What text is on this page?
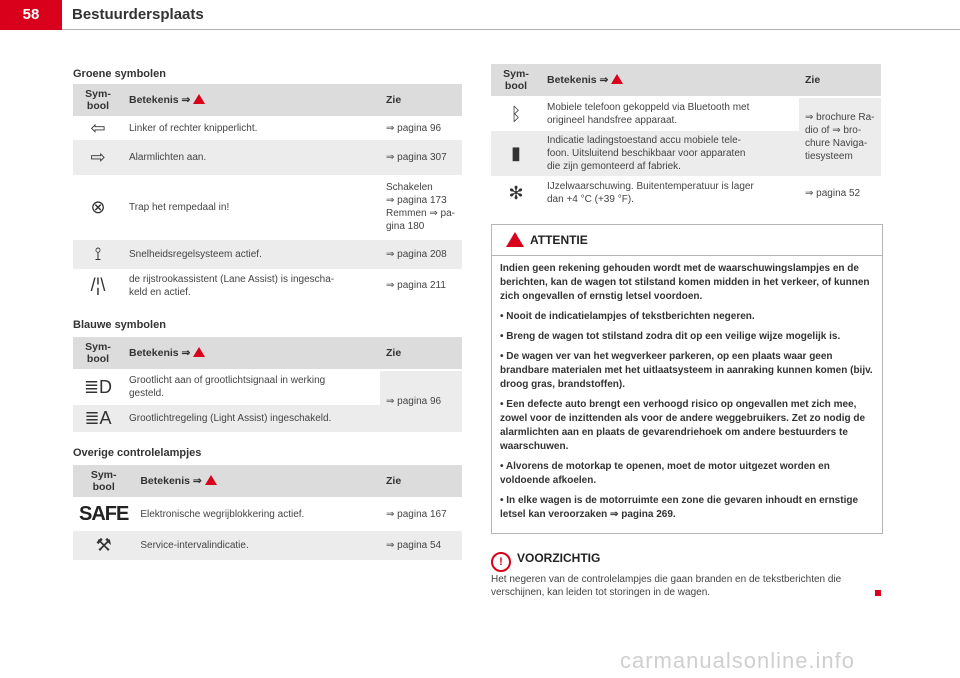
58	Bestuurdersplaats
Groene symbolen
Sym-
bool	Betekenis ⇒	Zie
⇦	Linker of rechter knipperlicht.	⇒ pagina 96
⇨	Alarmlichten aan.	⇒ pagina 307
⊗	Trap het rempedaal in!	Schakelen
⇒ pagina 173
Remmen ⇒ pa-
gina 180
⟟	Snelheidsregelsysteem actief.	⇒ pagina 208
/¦\	de rijstrookassistent (Lane Assist) is ingescha-
keld en actief.	⇒ pagina 211
Blauwe symbolen
Sym-
bool	Betekenis ⇒	Zie
≣D	Grootlicht aan of grootlichtsignaal in werking
gesteld.	⇒ pagina 96
≣A	Grootlichtregeling (Light Assist) ingeschakeld.	
Overige controlelampjes
Sym-
bool	Betekenis ⇒	Zie
SAFE	Elektronische wegrijblokkering actief.	⇒ pagina 167
⚒	Service-intervalindicatie.	⇒ pagina 54
Sym-
bool	Betekenis ⇒	Zie
ᛒ	Mobiele telefoon gekoppeld via Bluetooth met
origineel handsfree apparaat.	⇒ brochure Ra-
dio of ⇒ bro-
chure Naviga-
tiesysteem
▮	Indicatie ladingstoestand accu mobiele tele-
foon. Uitsluitend beschikbaar voor apparaten
die zijn gemonteerd af fabriek.	
✻	IJzelwaarschuwing. Buitentemperatuur is lager
dan +4 °C (+39 °F).	⇒ pagina 52
ATTENTIE

Indien geen rekening gehouden wordt met de waarschuwingslampjes en de berichten, kan de wagen tot stilstand komen midden in het verkeer, of kunnen zich ongevallen of ernstig letsel voordoen.

• Nooit de indicatielampjes of tekstberichten negeren.

• Breng de wagen tot stilstand zodra dit op een veilige wijze mogelijk is.

• De wagen ver van het wegverkeer parkeren, op een plaats waar geen brandbare materialen met het uitlaatsysteem in aanraking kunnen komen (bijv. droog gras, brandstoffen).

• Een defecte auto brengt een verhoogd risico op ongevallen met zich mee, zowel voor de inzittenden als voor de andere weggebruikers. Zet zo nodig de alarmlichten aan en plaats de gevarendriehoek om andere bestuurders te waarschuwen.

• Alvorens de motorkap te openen, moet de motor uitgezet worden en voldoende afkoelen.

• In elke wagen is de motorruimte een zone die gevaren inhoudt en ernstige letsel kan veroorzaken ⇒ pagina 269.

! VOORZICHTIG
Het negeren van de controlelampjes die gaan branden en de tekstberichten die verschijnen, kan leiden tot storingen in de wagen.
carmanualsonline.info
